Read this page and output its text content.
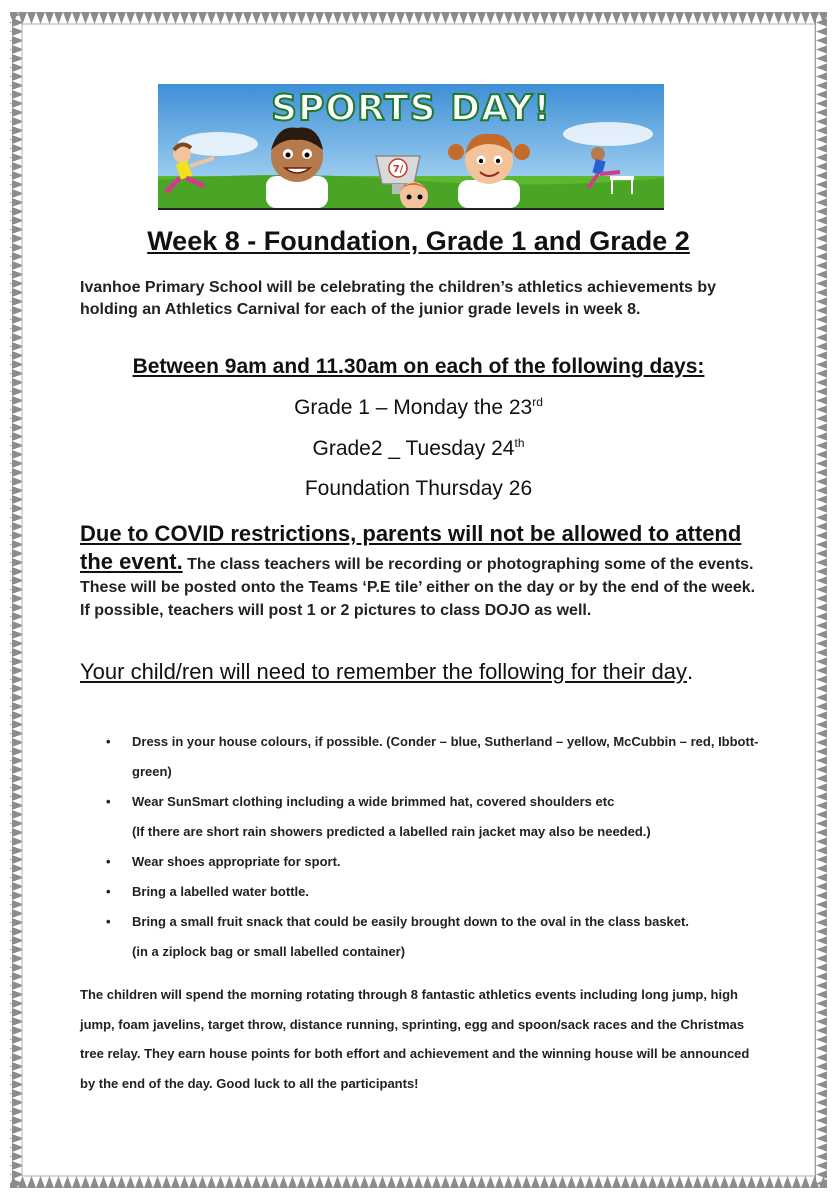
7/
SPORTS DAY!
Week 8 - Foundation, Grade 1 and Grade 2
Ivanhoe Primary School will be celebrating the children’s athletics achievements by holding an Athletics Carnival for each of the junior grade levels in week 8.
Between 9am and 11.30am on each of the following days:
Grade 1 – Monday the 23rd
Grade2 _ Tuesday 24th
Foundation Thursday 26
Due to COVID restrictions, parents will not be allowed to attend the event. The class teachers will be recording or photographing some of the events. These will be posted onto the Teams ‘P.E tile’ either on the day or by the end of the week. If possible, teachers will post 1 or 2 pictures to class DOJO as well.
Your child/ren will need to remember the following for their day.
• Dress in your house colours, if possible. (Conder – blue, Sutherland – yellow, McCubbin – red, Ibbott- green)
• Wear SunSmart clothing including a wide brimmed hat, covered shoulders etc
(If there are short rain showers predicted a labelled rain jacket may also be needed.)
• Wear shoes appropriate for sport.
• Bring a labelled water bottle.
• Bring a small fruit snack that could be easily brought down to the oval in the class basket.
(in a ziplock bag or small labelled container)
The children will spend the morning rotating through 8 fantastic athletics events including long jump, high jump, foam javelins, target throw, distance running, sprinting, egg and spoon/sack races and the Christmas tree relay. They earn house points for both effort and achievement and the winning house will be announced by the end of the day. Good luck to all the participants!
